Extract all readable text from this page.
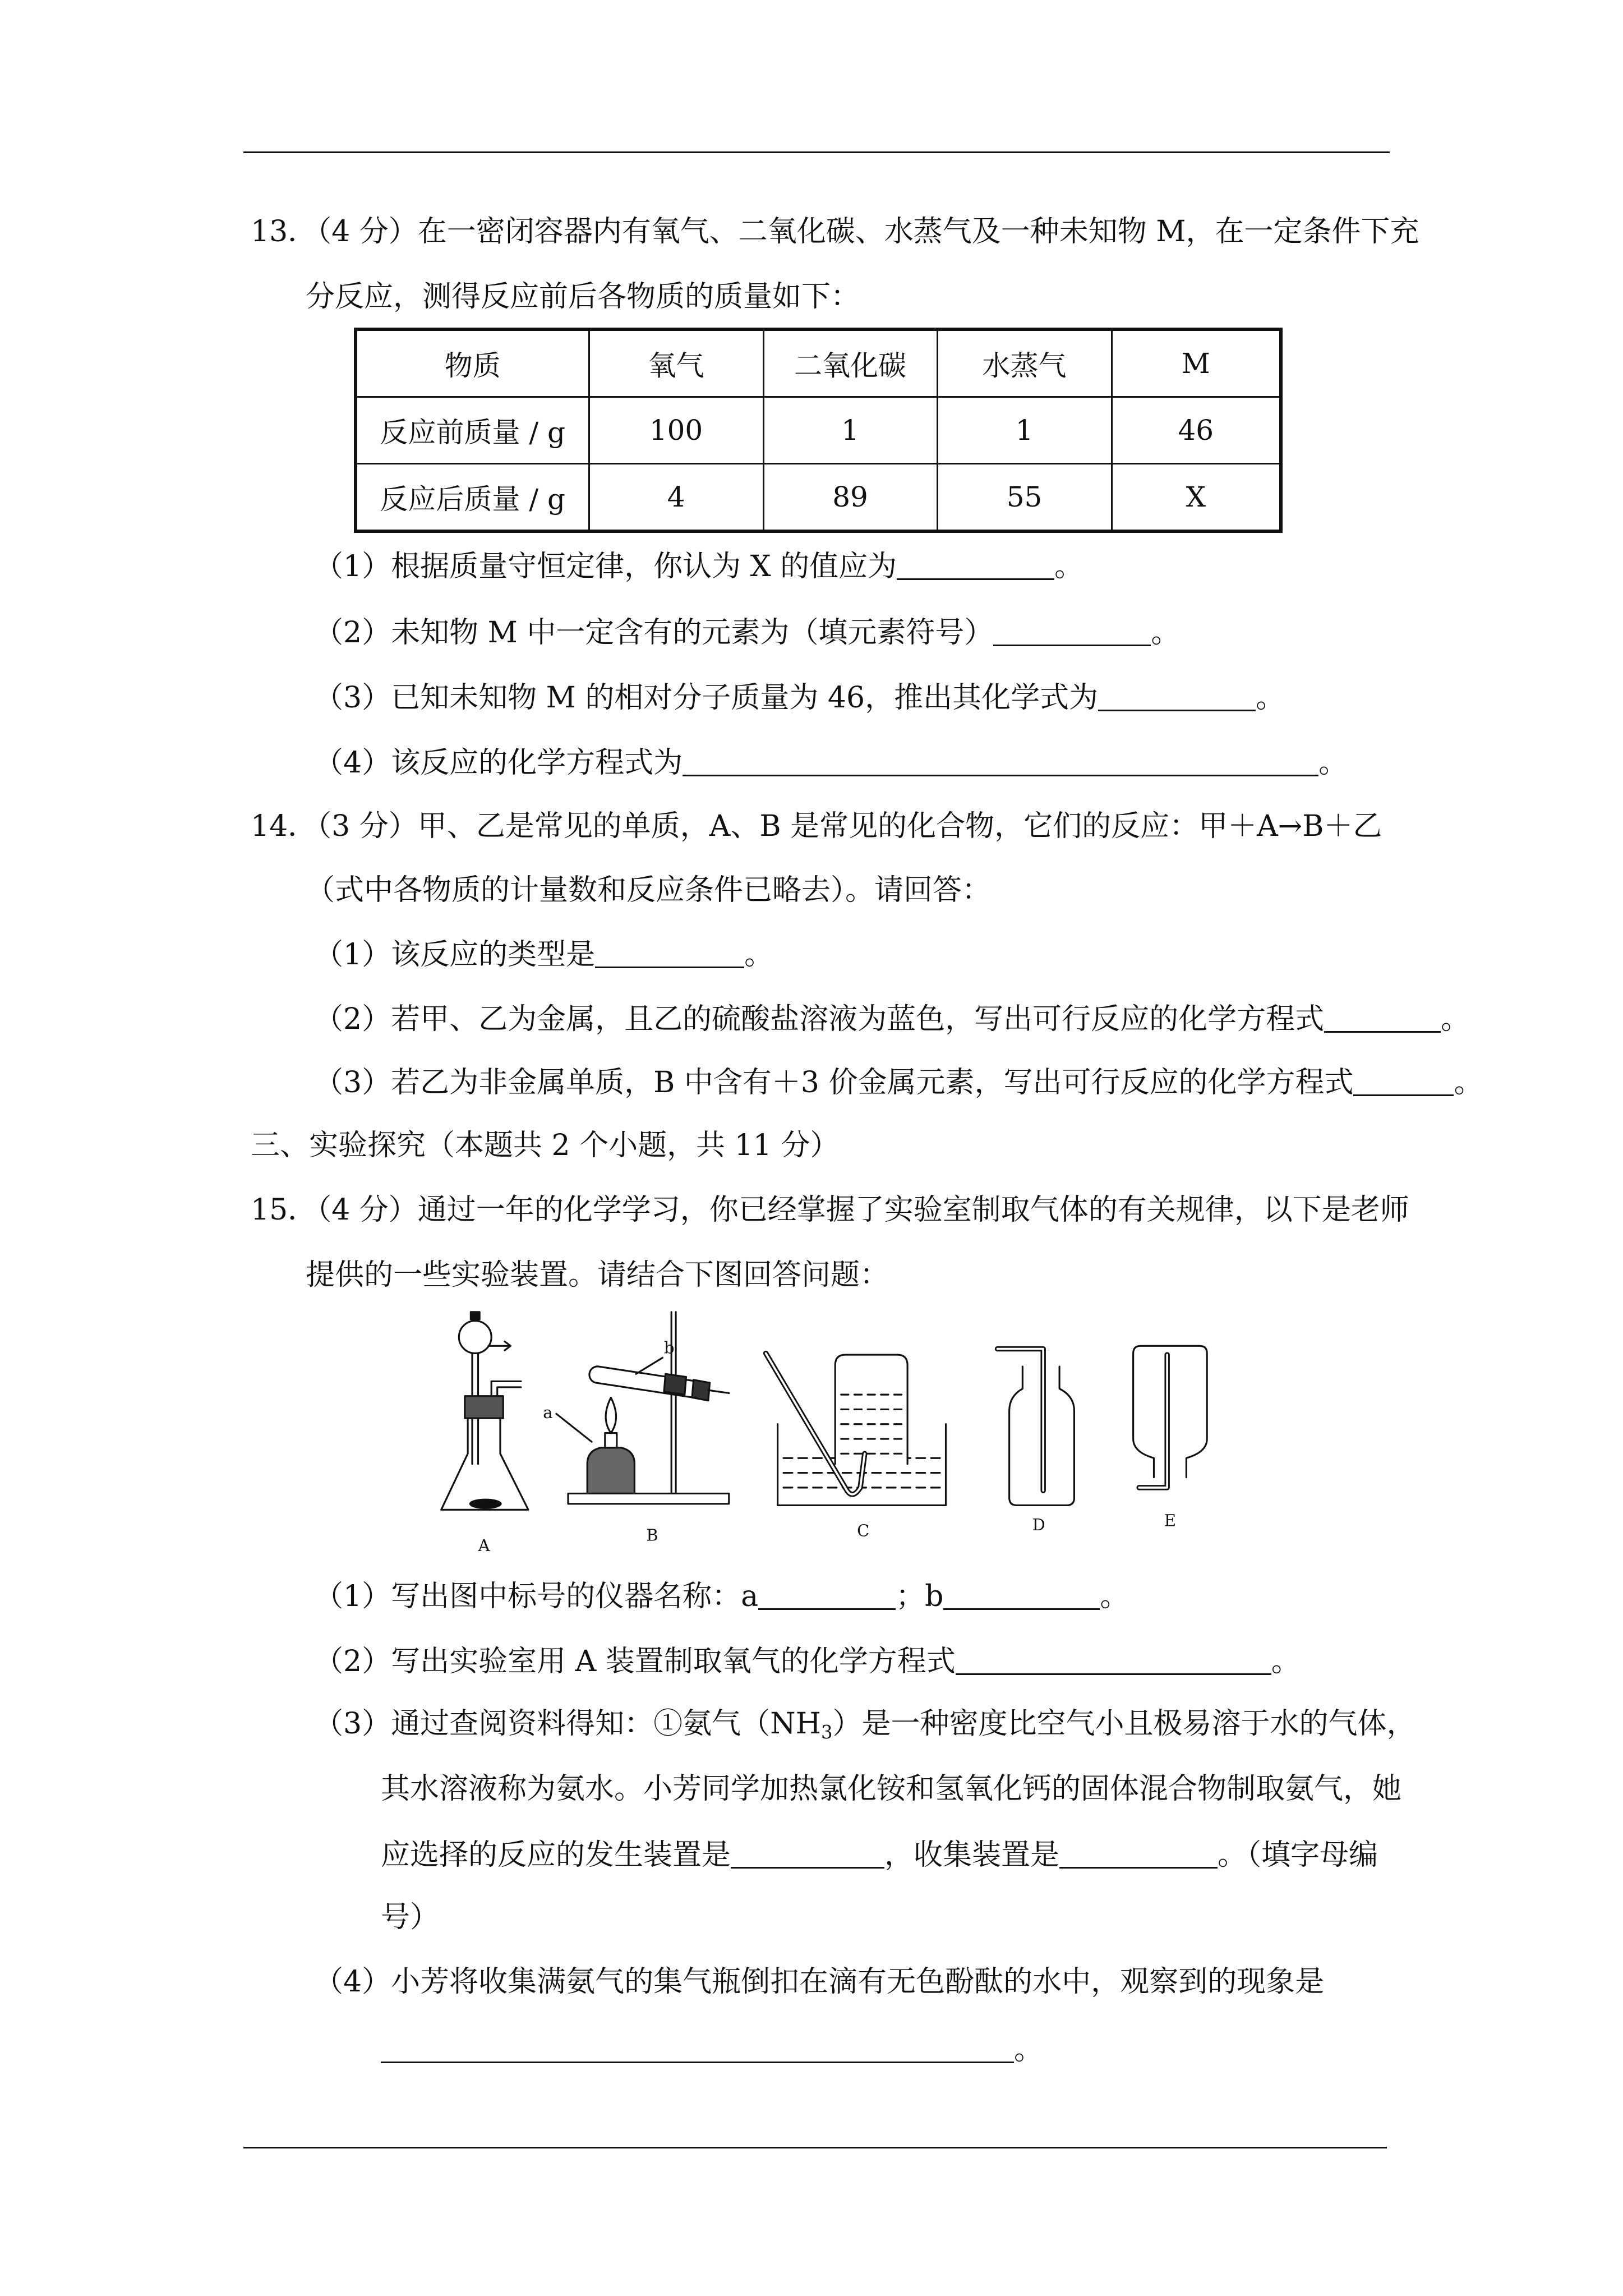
13．（4 分）在一密闭容器内有氧气、二氧化碳、水蒸气及一种未知物 M，在一定条件下充
分反应，测得反应前后各物质的质量如下：
物质	氧气	二氧化碳	水蒸气	M
反应前质量 / g	100	1	1	46
反应后质量 / g	4	89	55	X
（1）根据质量守恒定律，你认为 X 的值应为	。
（2）未知物 M 中一定含有的元素为（填元素符号）	。
（3）已知未知物 M 的相对分子质量为 46，推出其化学式为	。
（4）该反应的化学方程式为	。
14．（3 分）甲、乙是常见的单质，A、B 是常见的化合物，它们的反应：甲＋A→B＋乙
（式中各物质的计量数和反应条件已略去）。请回答：
（1）该反应的类型是	。
（2）若甲、乙为金属，且乙的硫酸盐溶液为蓝色，写出可行反应的化学方程式	。
（3）若乙为非金属单质，B 中含有＋3 价金属元素，写出可行反应的化学方程式	。
三、实验探究（本题共 2 个小题，共 11 分）
15．（4 分）通过一年的化学学习，你已经掌握了实验室制取气体的有关规律，以下是老师
提供的一些实验装置。请结合下图回答问题：
A
a
b
B	C	D	E
（1）写出图中标号的仪器名称：a	；b	。
（2）写出实验室用 A 装置制取氧气的化学方程式	。
（3）通过查阅资料得知：①氨气$(NH_3)$是一种密度比空气小且极易溶于水的气体，
其水溶液称为氨水。小芳同学加热氯化铵和氢氧化钙的固体混合物制取氨气，她
应选择的反应的发生装置是	，收集装置是	。（填字母编
号）
（4）小芳将收集满氨气的集气瓶倒扣在滴有无色酚酞的水中，观察到的现象是
。
